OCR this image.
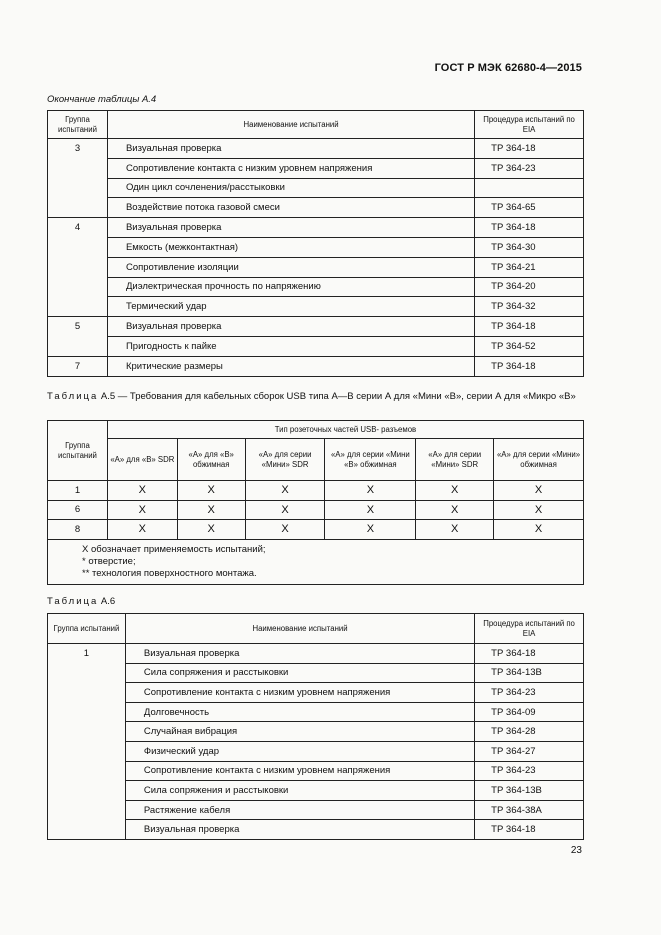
ГОСТ Р МЭК 62680-4—2015
Окончание таблицы А.4
Группа испытаний	Наименование испытаний	Процедура испытаний по EIA
3	Визуальная проверка	ТР 364-18
	Сопротивление контакта с низким уровнем напряжения	ТР 364-23
	Один цикл сочленения/расстыковки	
	Воздействие потока газовой смеси	ТР 364-65
4	Визуальная проверка	ТР 364-18
	Емкость (межконтактная)	ТР 364-30
	Сопротивление изоляции	ТР 364-21
	Диэлектрическая прочность по напряжению	ТР 364-20
	Термический удар	ТР 364-32
5	Визуальная проверка	ТР 364-18
	Пригодность к пайке	ТР 364-52
7	Критические размеры	ТР 364-18
Таблица А.5 — Требования для кабельных сборок USB типа А—В серии А для «Мини «В», серии А для «Микро «В»
Группа испытаний	Тип розеточных частей USB- разъемов					
	«А» для «В» SDR	«А» для «В» обжимная	«А» для серии «Мини» SDR	«А» для серии «Мини «В» обжимная	«А» для серии «Мини» SDR	«А» для серии «Мини» обжимная
1	Х	Х	Х	Х	Х	Х
6	Х	Х	Х	Х	Х	Х
8	Х	Х	Х	Х	Х	Х

Х обозначает применяемость испытаний;
* отверстие;
** технология поверхностного монтажа.						
Таблица А.6
Группа испытаний	Наименование испытаний	Процедура испытаний по EIA
1	Визуальная проверка	ТР 364-18
	Сила сопряжения и расстыковки	ТР 364-13В
	Сопротивление контакта с низким уровнем напряжения	ТР 364-23
	Долговечность	ТР 364-09
	Случайная вибрация	ТР 364-28
	Физический удар	ТР 364-27
	Сопротивление контакта с низким уровнем напряжения	ТР 364-23
	Сила сопряжения и расстыковки	ТР 364-13В
	Растяжение кабеля	ТР 364-38А
	Визуальная проверка	ТР 364-18
23
